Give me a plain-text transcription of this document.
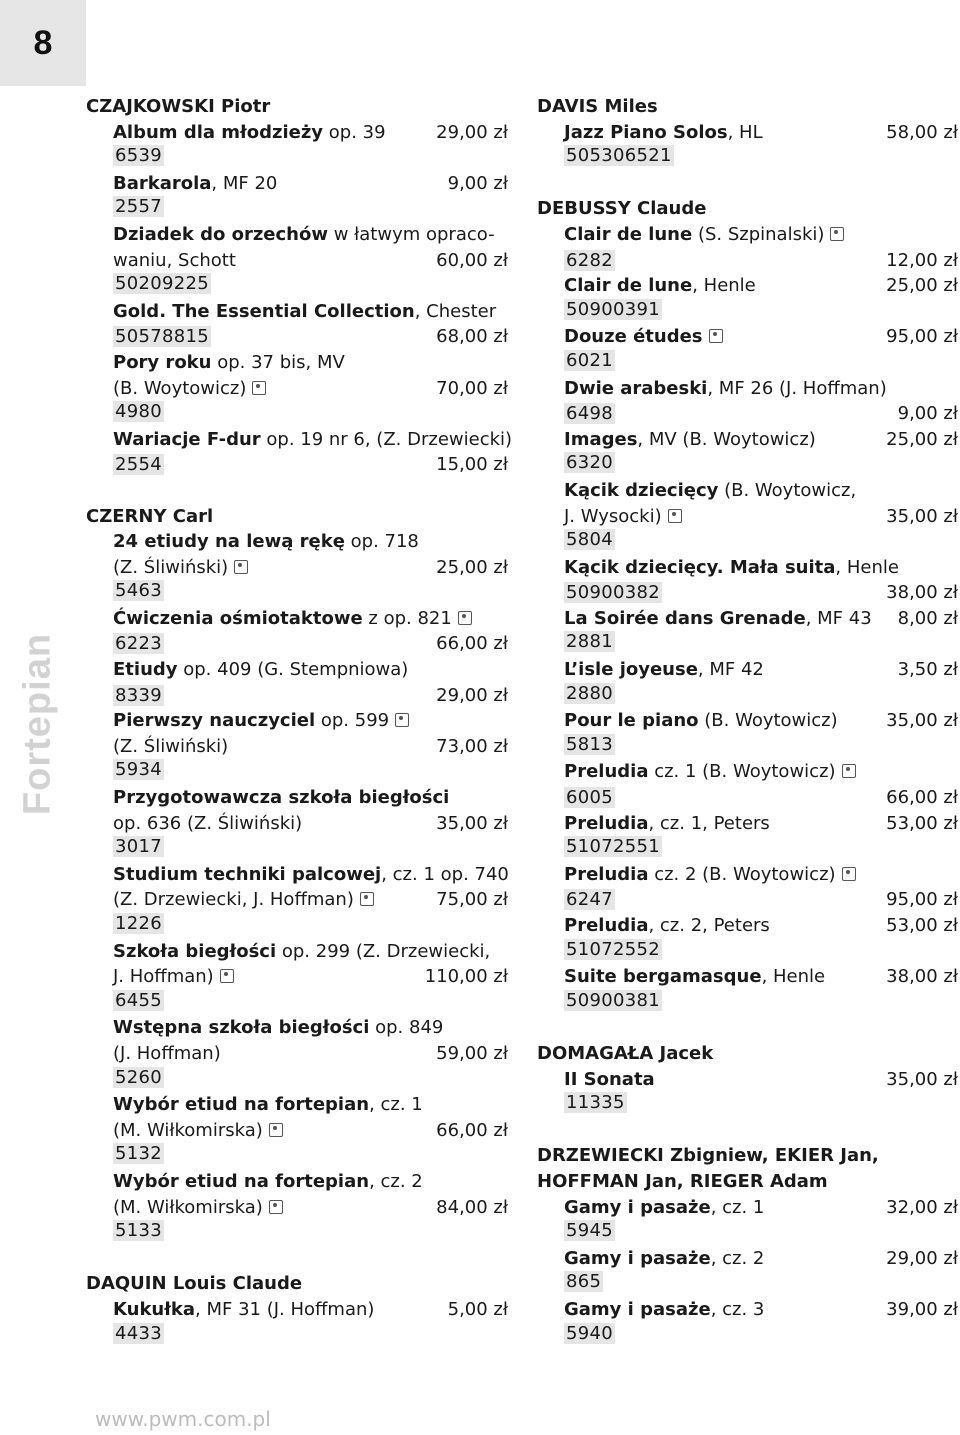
8
Fortepian
CZAJKOWSKI Piotr
Album dla młodzieży op. 39	29,00 zł
6539
Barkarola, MF 20	9,00 zł
2557
Dziadek do orzechów w łatwym opraco-
waniu, Schott	60,00 zł
50209225
Gold. The Essential Collection, Chester
50578815	68,00 zł
Pory roku op. 37 bis, MV
(B. Woytowicz)	70,00 zł
4980
Wariacje F-dur op. 19 nr 6, (Z. Drzewiecki)
2554	15,00 zł
CZERNY Carl
24 etiudy na lewą rękę op. 718
(Z. Śliwiński)	25,00 zł
5463
Ćwiczenia ośmiotaktowe z op. 821
6223	66,00 zł
Etiudy op. 409 (G. Stempniowa)
8339	29,00 zł
Pierwszy nauczyciel op. 599
(Z. Śliwiński)	73,00 zł
5934
Przygotowawcza szkoła biegłości
op. 636 (Z. Śliwiński)	35,00 zł
3017
Studium techniki palcowej, cz. 1 op. 740
(Z. Drzewiecki, J. Hoffman)	75,00 zł
1226
Szkoła biegłości op. 299 (Z. Drzewiecki,
J. Hoffman)	110,00 zł
6455
Wstępna szkoła biegłości op. 849
(J. Hoffman)	59,00 zł
5260
Wybór etiud na fortepian, cz. 1
(M. Wiłkomirska)	66,00 zł
5132
Wybór etiud na fortepian, cz. 2
(M. Wiłkomirska)	84,00 zł
5133
DAQUIN Louis Claude
Kukułka, MF 31 (J. Hoffman)	5,00 zł
4433
DAVIS Miles
Jazz Piano Solos, HL	58,00 zł
505306521
DEBUSSY Claude
Clair de lune (S. Szpinalski)
6282	12,00 zł
Clair de lune, Henle	25,00 zł
50900391
Douze études	95,00 zł
6021
Dwie arabeski, MF 26 (J. Hoffman)
6498	9,00 zł
Images, MV (B. Woytowicz)	25,00 zł
6320
Kącik dziecięcy (B. Woytowicz,
J. Wysocki)	35,00 zł
5804
Kącik dziecięcy. Mała suita, Henle
50900382	38,00 zł
La Soirée dans Grenade, MF 43	8,00 zł
2881
L’isle joyeuse, MF 42	3,50 zł
2880
Pour le piano (B. Woytowicz)	35,00 zł
5813
Preludia cz. 1 (B. Woytowicz)
6005	66,00 zł
Preludia, cz. 1, Peters	53,00 zł
51072551
Preludia cz. 2 (B. Woytowicz)
6247	95,00 zł
Preludia, cz. 2, Peters	53,00 zł
51072552
Suite bergamasque, Henle	38,00 zł
50900381
DOMAGAŁA Jacek
II Sonata	35,00 zł
11335
DRZEWIECKI Zbigniew, EKIER Jan,
HOFFMAN Jan, RIEGER Adam
Gamy i pasaże, cz. 1	32,00 zł
5945
Gamy i pasaże, cz. 2	29,00 zł
865
Gamy i pasaże, cz. 3	39,00 zł
5940
www.pwm.com.pl
